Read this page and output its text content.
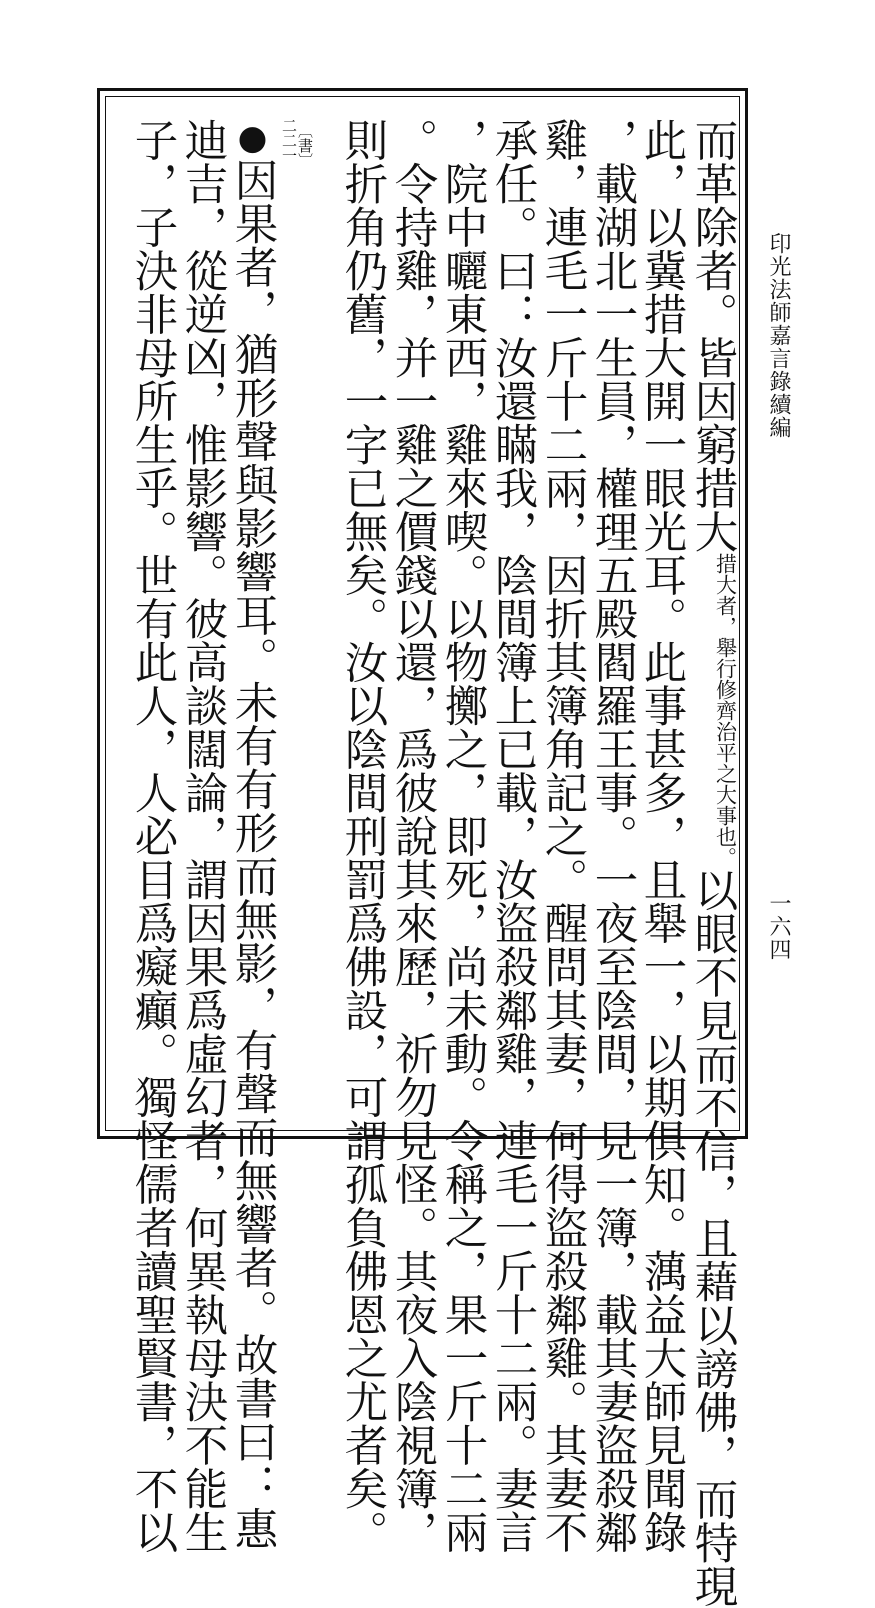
印光法師嘉言錄續編
一六四
而革除者。皆因窮措大措大者，舉行修齊治平之大事也。以眼不見而不信，且藉以謗佛，而特現
此，以冀措大開一眼光耳。此事甚多，且舉一，以期俱知。蕅益大師見聞錄
，載湖北一生員，權理五殿閻羅王事。一夜至陰間，見一簿，載其妻盜殺鄰
雞，連毛一斤十二兩，因折其簿角記之。醒問其妻，何得盜殺鄰雞。其妻不
承任。曰：汝還瞞我，陰間簿上已載，汝盜殺鄰雞，連毛一斤十二兩。妻言
，院中曬東西，雞來喫。以物擲之，即死，尚未動。令稱之，果一斤十二兩
。令持雞，并一雞之價錢以還，爲彼說其來歷，祈勿見怪。其夜入陰視簿，
則折角仍舊，一字已無矣。汝以陰間刑罰爲佛設，可謂孤負佛恩之尤者矣。
〔書〕
二二一
●因果者，猶形聲與影響耳。未有有形而無影，有聲而無響者。故書曰：惠
迪吉，從逆凶，惟影響。彼高談闊論，謂因果爲虛幻者，何異執母決不能生
子，子決非母所生乎。世有此人，人必目爲癡癲。獨怪儒者讀聖賢書，不以
